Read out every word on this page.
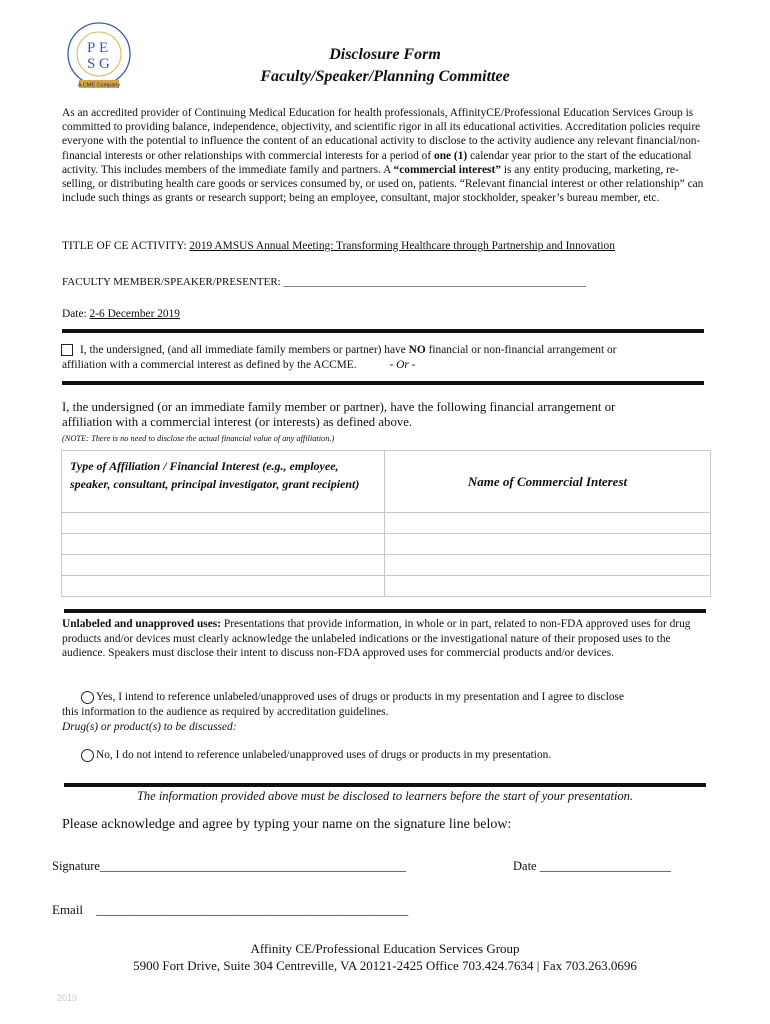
P E
S G
A CME Company
Disclosure Form
Faculty/Speaker/Planning Committee
As an accredited provider of Continuing Medical Education for health professionals, AffinityCE/Professional Education Services Group is committed to providing balance, independence, objectivity, and scientific rigor in all its educational activities. Accreditation policies require everyone with the potential to influence the content of an educational activity to disclose to the activity audience any relevant financial/non-financial interests or other relationships with commercial interests for a period of one (1) calendar year prior to the start of the educational activity. This includes members of the immediate family and partners. A “commercial interest” is any entity producing, marketing, re-selling, or distributing health care goods or services consumed by, or used on, patients. “Relevant financial interest or other relationship” can include such things as grants or research support; being an employee, consultant, major stockholder, speaker’s bureau member, etc.
TITLE OF CE ACTIVITY: 2019 AMSUS Annual Meeting: Transforming Healthcare through Partnership and Innovation
FACULTY MEMBER/SPEAKER/PRESENTER: _______________________________________________________
Date: 2-6 December 2019
I, the undersigned, (and all immediate family members or partner) have NO financial or non-financial arrangement or
affiliation with a commercial interest as defined by the ACCME.	- Or -
I, the undersigned (or an immediate family member or partner), have the following financial arrangement or
affiliation with a commercial interest (or interests) as defined above.
(NOTE: There is no need to disclose the actual financial value of any affiliation.)
Type of Affiliation / Financial Interest (e.g., employee, speaker, consultant, principal investigator, grant recipient)	Name of Commercial Interest

Unlabeled and unapproved uses: Presentations that provide information, in whole or in part, related to non-FDA approved uses for drug products and/or devices must clearly acknowledge the unlabeled indications or the investigational nature of their proposed uses to the audience. Speakers must disclose their intent to discuss non-FDA approved uses for commercial products and/or devices.
Yes, I intend to reference unlabeled/unapproved uses of drugs or products in my presentation and I agree to disclose
this information to the audience as required by accreditation guidelines.
Drug(s) or product(s) to be discussed:
No, I do not intend to reference unlabeled/unapproved uses of drugs or products in my presentation.
The information provided above must be disclosed to learners before the start of your presentation.
Please acknowledge and agree by typing your name on the signature line below:
Signature_________________________________________________	Date _____________________
Email ________________________________________________
Affinity CE/Professional Education Services Group
5900 Fort Drive, Suite 304 Centreville, VA 20121-2425 Office 703.424.7634 | Fax 703.263.0696
2019
